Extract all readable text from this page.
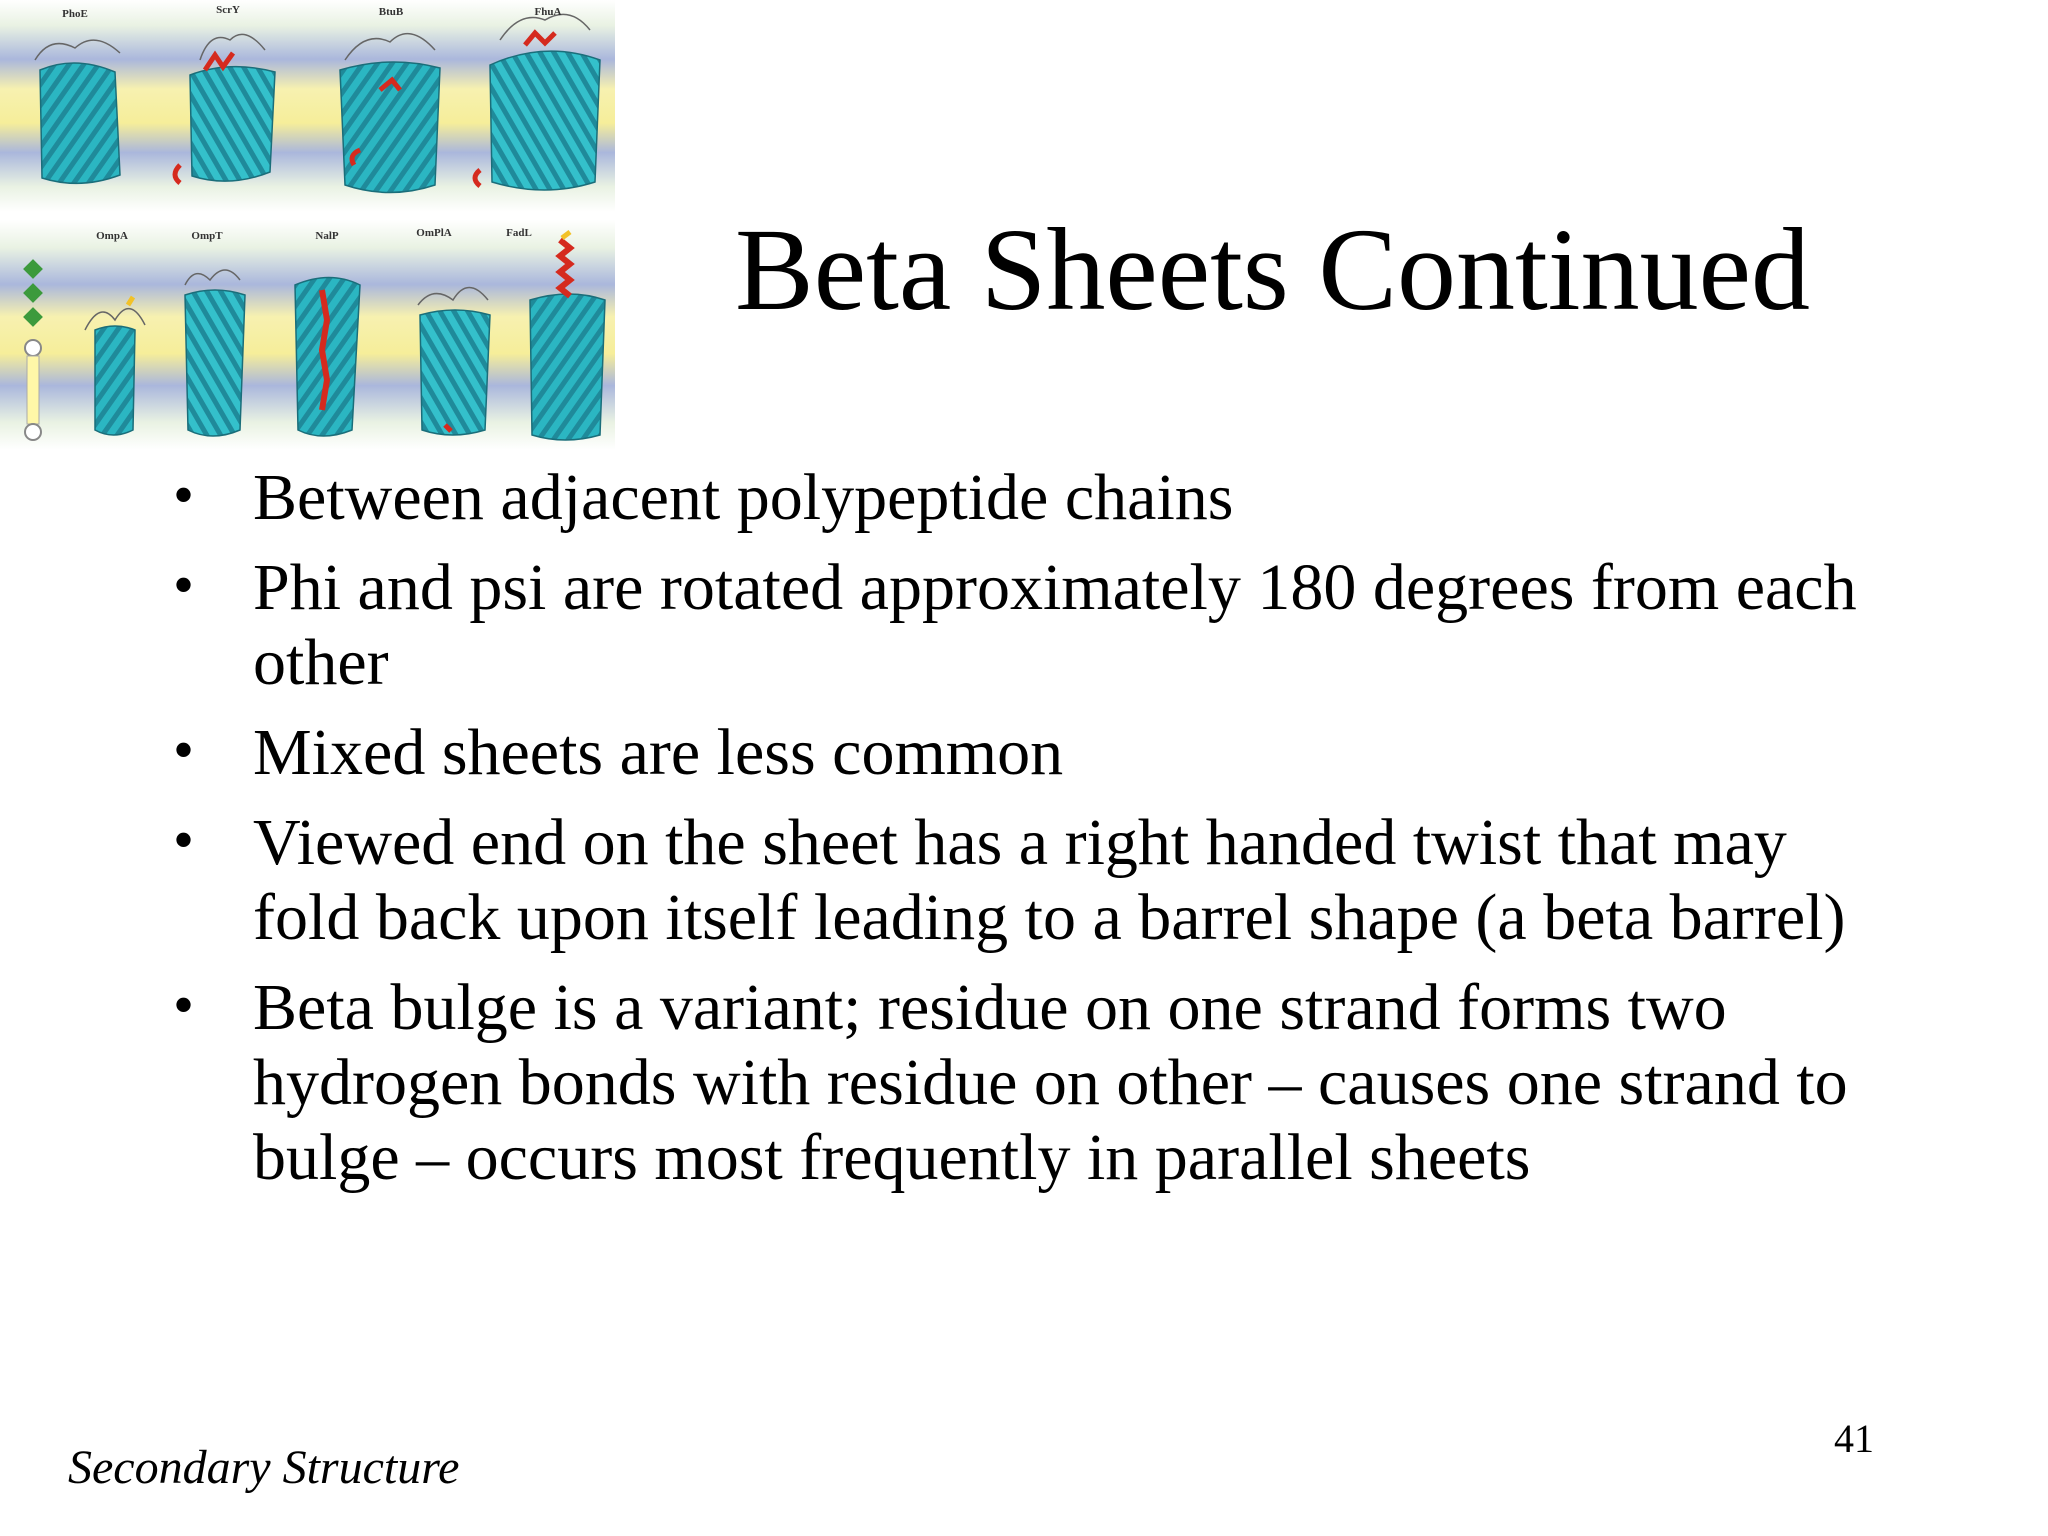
PhoE	ScrY	BtuB	FhuA
OmpA	OmpT	NalP	OmPlA	FadL Beta Sheets Continued
• Between adjacent polypeptide chains
• Phi and psi are rotated approximately 180 degrees from each other
• Mixed sheets are less common
• Viewed end on the sheet has a right handed twist that may fold back upon itself leading to a barrel shape (a beta barrel)
• Beta bulge is a variant; residue on one strand forms two hydrogen bonds with residue on other – causes one strand to bulge – occurs most frequently in parallel sheets
Secondary Structure
41
